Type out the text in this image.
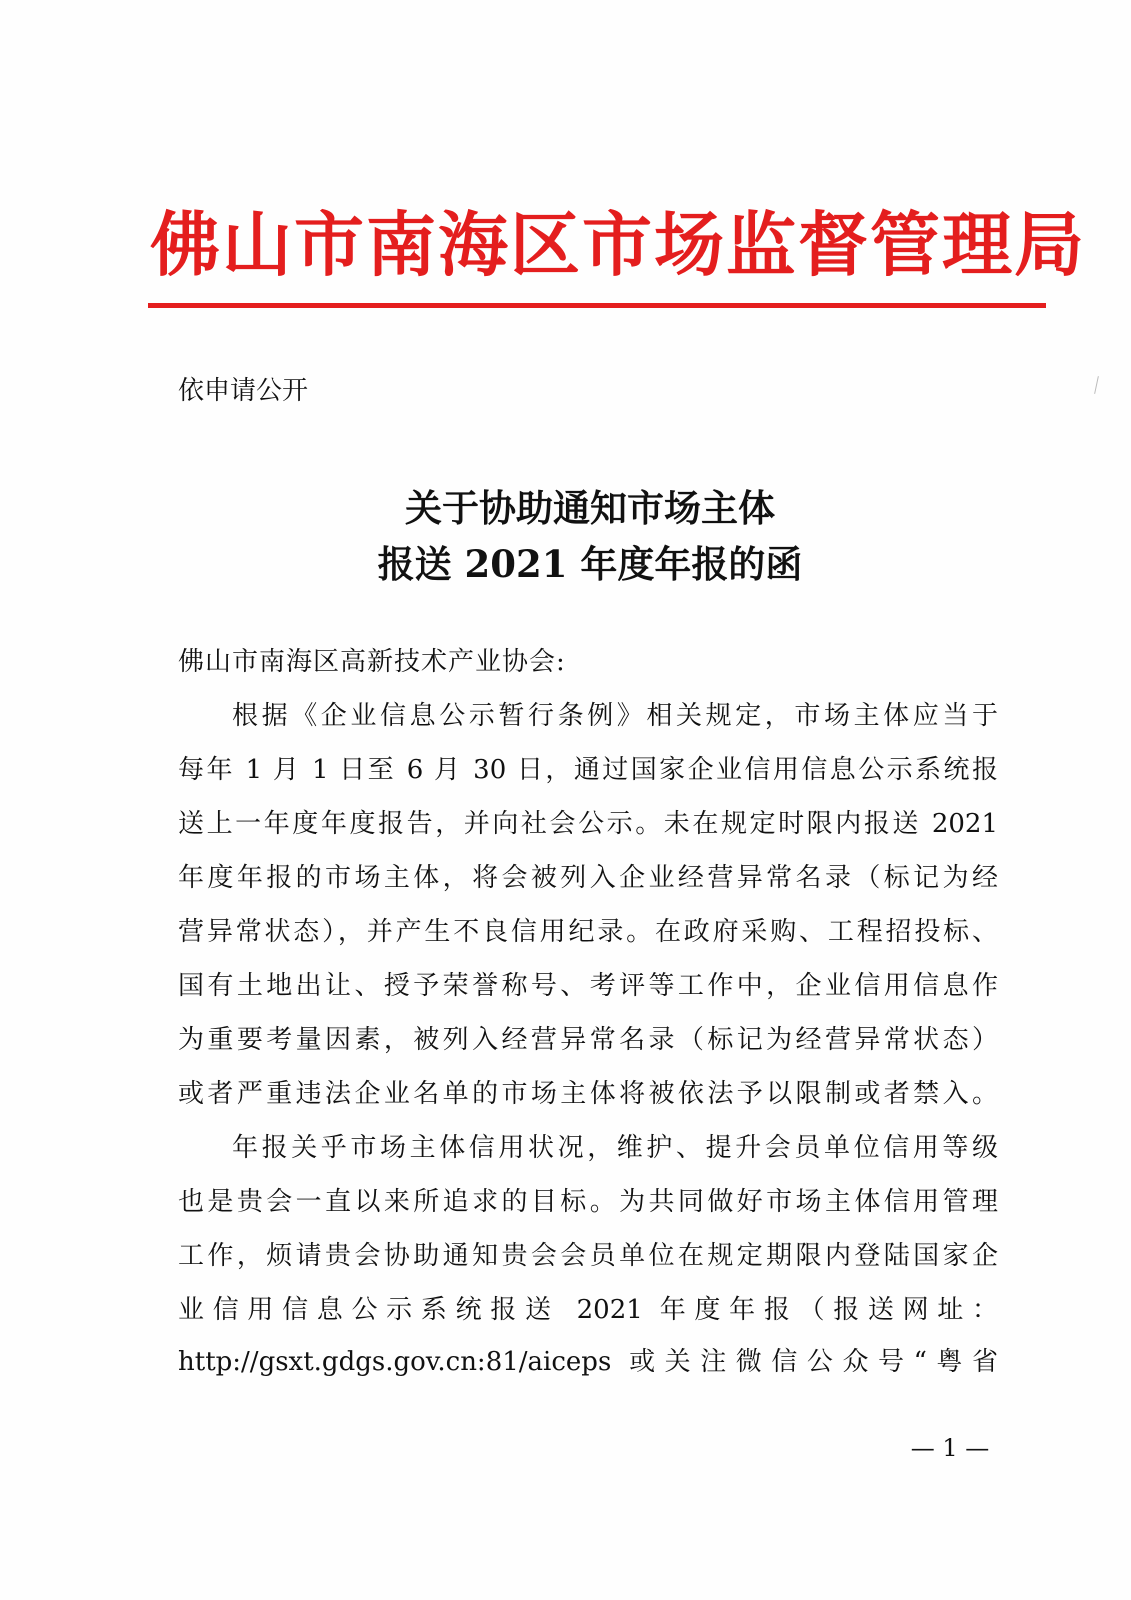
佛山市南海区市场监督管理局
依申请公开
关于协助通知市场主体
报送 2021 年度年报的函
佛山市南海区高新技术产业协会:
根据《企业信息公示暂行条例》相关规定，市场主体应当于
每年 1 月 1 日至 6 月 30 日，通过国家企业信用信息公示系统报
送上一年度年度报告，并向社会公示。未在规定时限内报送 2021
年度年报的市场主体，将会被列入企业经营异常名录（标记为经
营异常状态），并产生不良信用纪录。在政府采购、工程招投标、
国有土地出让、授予荣誉称号、考评等工作中，企业信用信息作
为重要考量因素，被列入经营异常名录（标记为经营异常状态）
或者严重违法企业名单的市场主体将被依法予以限制或者禁入。
年报关乎市场主体信用状况，维护、提升会员单位信用等级
也是贵会一直以来所追求的目标。为共同做好市场主体信用管理
工作，烦请贵会协助通知贵会会员单位在规定期限内登陆国家企
业信用信息公示系统报送 2021 年度年报（报送网址：
http://gsxt.gdgs.gov.cn:81/aiceps 或关注微信公众号“粤省
— 1 —
